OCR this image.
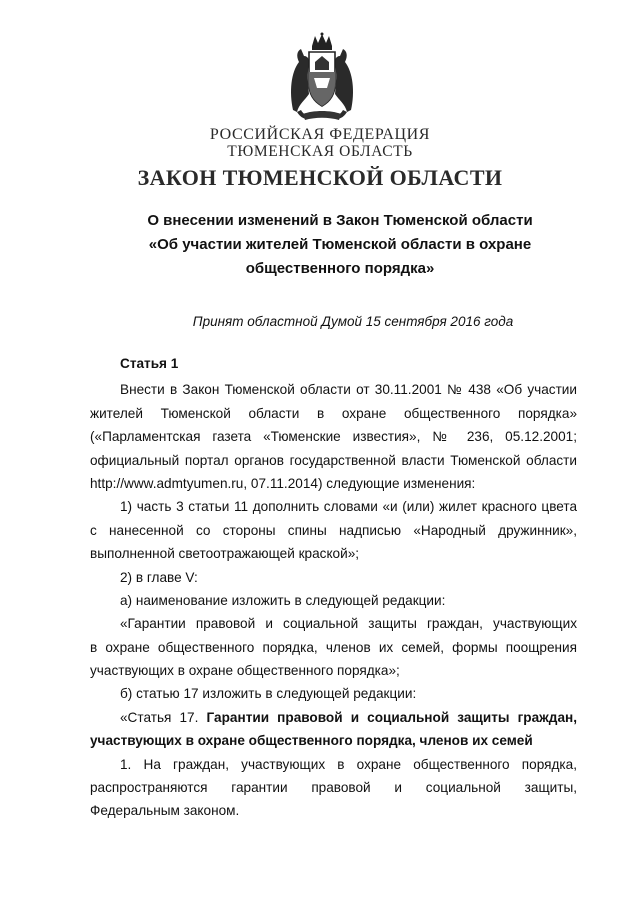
РОССИЙСКАЯ ФЕДЕРАЦИЯ
ТЮМЕНСКАЯ ОБЛАСТЬ
ЗАКОН ТЮМЕНСКОЙ ОБЛАСТИ
О внесении изменений в Закон Тюменской области
«Об участии жителей Тюменской области в охране
общественного порядка»
Принят областной Думой 15 сентября 2016 года
Статья 1
Внести в Закон Тюменской области от 30.11.2001 № 438 «Об участии
жителей Тюменской области в охране общественного порядка»
(«Парламентская газета «Тюменские известия», № 236, 05.12.2001;
официальный портал органов государственной власти Тюменской области
http://www.admtyumen.ru, 07.11.2014) следующие изменения:
1) часть 3 статьи 11 дополнить словами «и (или) жилет красного цвета
с нанесенной со стороны спины надписью «Народный дружинник»,
выполненной светоотражающей краской»;
2) в главе V:
а) наименование изложить в следующей редакции:
«Гарантии правовой и социальной защиты граждан, участвующих
в охране общественного порядка, членов их семей, формы поощрения
участвующих в охране общественного порядка»;
б) статью 17 изложить в следующей редакции:
«Статья 17. Гарантии правовой и социальной защиты граждан,
участвующих в охране общественного порядка, членов их семей
1. На граждан, участвующих в охране общественного порядка,
распространяются гарантии правовой и социальной защиты,
Федеральным законом.
